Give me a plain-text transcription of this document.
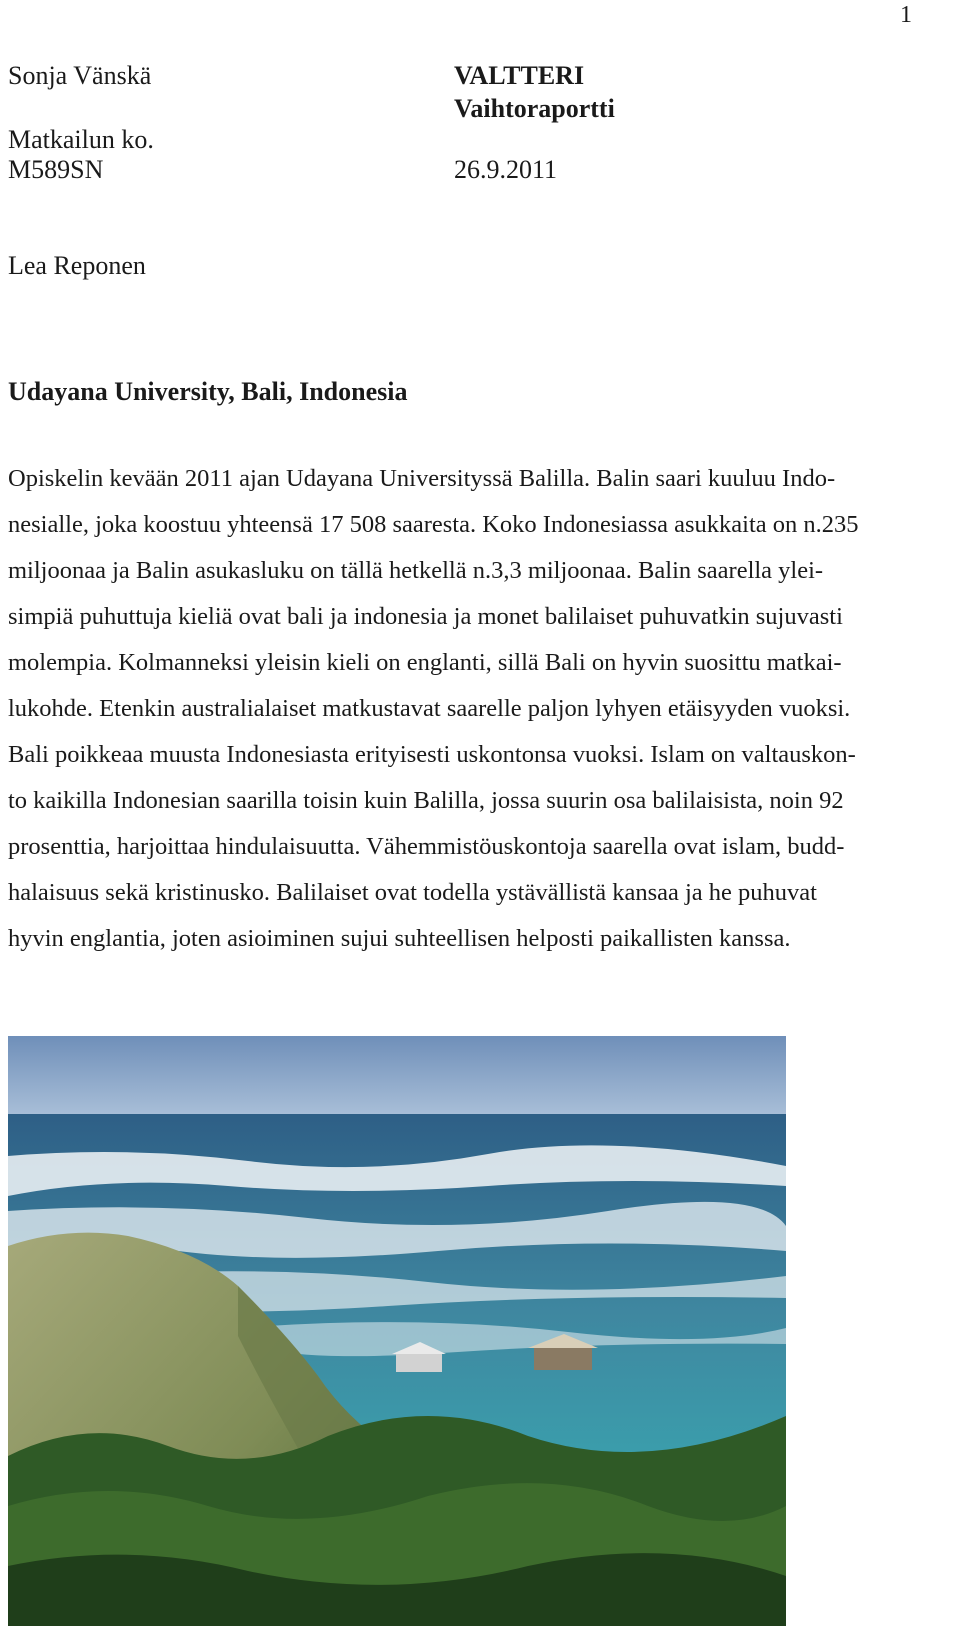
1
Sonja Vänskä	VALTTERI
Vaihtoraportti
Matkailun ko.
M589SN	26.9.2011
Lea Reponen
Udayana University, Bali, Indonesia
Opiskelin kevään 2011 ajan Udayana Universityssä Balilla. Balin saari kuuluu Indo-
nesialle, joka koostuu yhteensä 17 508 saaresta. Koko Indonesiassa asukkaita on n.235
miljoonaa ja Balin asukasluku on tällä hetkellä n.3,3 miljoonaa. Balin saarella ylei-
simpiä puhuttuja kieliä ovat bali ja indonesia ja monet balilaiset puhuvatkin sujuvasti
molempia. Kolmanneksi yleisin kieli on englanti, sillä Bali on hyvin suosittu matkai-
lukohde. Etenkin australialaiset matkustavat saarelle paljon lyhyen etäisyyden vuoksi.
Bali poikkeaa muusta Indonesiasta erityisesti uskontonsa vuoksi. Islam on valtauskon-
to kaikilla Indonesian saarilla toisin kuin Balilla, jossa suurin osa balilaisista, noin 92
prosenttia, harjoittaa hindulaisuutta. Vähemmistöuskontoja saarella ovat islam, budd-
halaisuus sekä kristinusko. Balilaiset ovat todella ystävällistä kansaa ja he puhuvat
hyvin englantia, joten asioiminen sujui suhteellisen helposti paikallisten kanssa.
